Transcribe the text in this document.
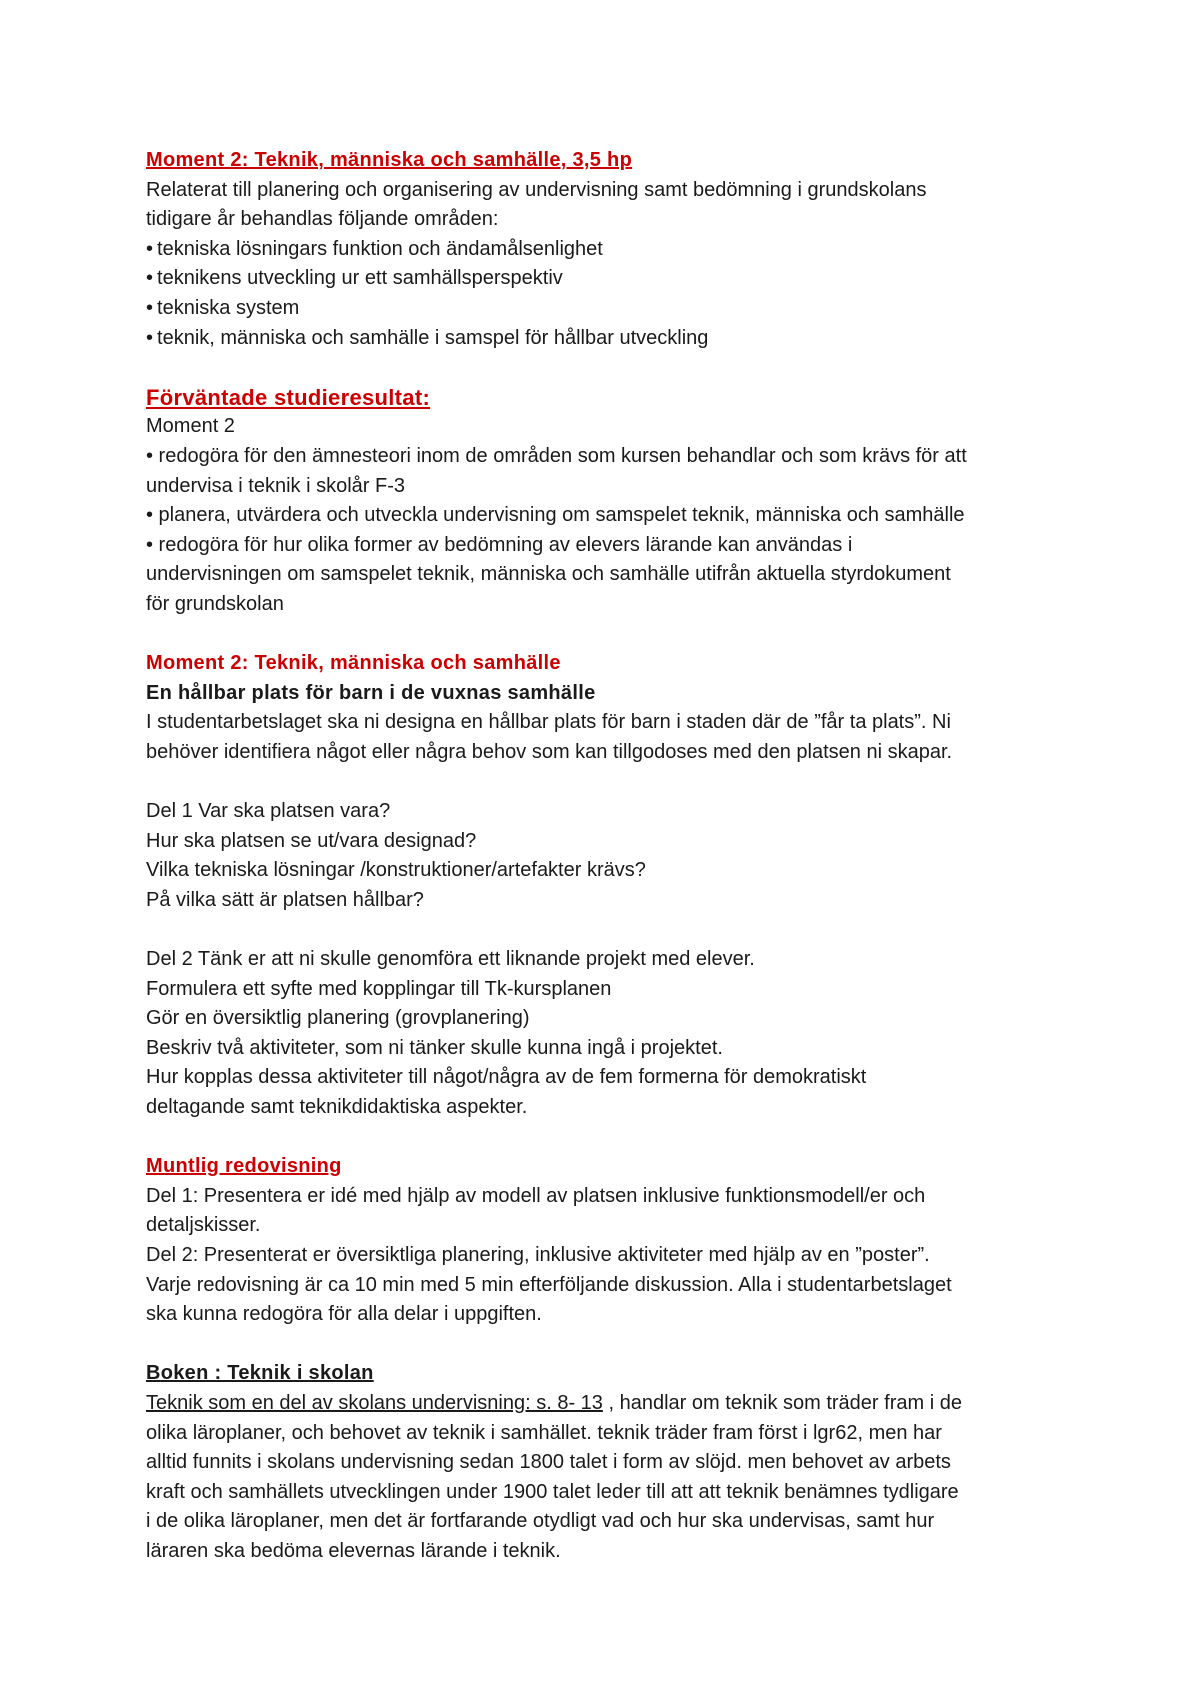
Moment 2: Teknik, människa och samhälle, 3,5 hp

Relaterat till planering och organisering av undervisning samt bedömning i grundskolans

tidigare år behandlas följande områden:

• tekniska lösningars funktion och ändamålsenlighet

• teknikens utveckling ur ett samhällsperspektiv

• tekniska system

• teknik, människa och samhälle i samspel för hållbar utveckling

Förväntade studieresultat:

Moment 2

• redogöra för den ämnesteori inom de områden som kursen behandlar och som krävs för att

undervisa i teknik i skolår F-3

• planera, utvärdera och utveckla undervisning om samspelet teknik, människa och samhälle

• redogöra för hur olika former av bedömning av elevers lärande kan användas i

undervisningen om samspelet teknik, människa och samhälle utifrån aktuella styrdokument

för grundskolan

Moment 2: Teknik, människa och samhälle

En hållbar plats för barn i de vuxnas samhälle

I studentarbetslaget ska ni designa en hållbar plats för barn i staden där de ”får ta plats”. Ni

behöver identifiera något eller några behov som kan tillgodoses med den platsen ni skapar.

Del 1 Var ska platsen vara?

Hur ska platsen se ut/vara designad?

Vilka tekniska lösningar /konstruktioner/artefakter krävs?

På vilka sätt är platsen hållbar?

Del 2 Tänk er att ni skulle genomföra ett liknande projekt med elever.

Formulera ett syfte med kopplingar till Tk-kursplanen

Gör en översiktlig planering (grovplanering)

Beskriv två aktiviteter, som ni tänker skulle kunna ingå i projektet.

Hur kopplas dessa aktiviteter till något/några av de fem formerna för demokratiskt

deltagande samt teknikdidaktiska aspekter.

Muntlig redovisning

Del 1: Presentera er idé med hjälp av modell av platsen inklusive funktionsmodell/er och

detaljskisser.

Del 2: Presenterat er översiktliga planering, inklusive aktiviteter med hjälp av en ”poster”.

Varje redovisning är ca 10 min med 5 min efterföljande diskussion. Alla i studentarbetslaget

ska kunna redogöra för alla delar i uppgiften.

Boken : Teknik i skolan

Teknik som en del av skolans undervisning: s. 8- 13 , handlar om teknik som träder fram i de

olika läroplaner, och behovet av teknik i samhället. teknik träder fram först i lgr62, men har

alltid funnits i skolans undervisning sedan 1800 talet i form av slöjd. men behovet av arbets

kraft och samhällets utvecklingen under 1900 talet leder till att att teknik benämnes tydligare

i de olika läroplaner, men det är fortfarande otydligt vad och hur ska undervisas, samt hur

läraren ska bedöma elevernas lärande i teknik.
